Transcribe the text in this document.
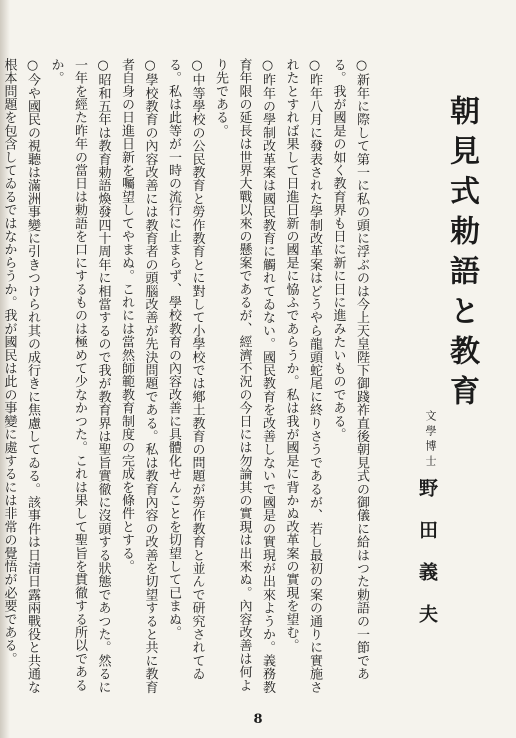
朝見式勅語と教育
文學博士
野田義夫

○新年に際して第一に私の頭に浮ぶのは今上天皇陛下御踐祚直後朝見式の御儀に給はつた勅語の一節である。我が國是の如く教育界も日に新に日に進みたいものである。

○昨年八月に發表された學制改革案はどうやら龍頭蛇尾に終りさうであるが、若し最初の案の通りに實施されたとすれば果して日進日新の國是に恊ふであらうか。私は我が國是に背かぬ改革案の實現を望む。

○昨年の學制改革案は國民教育に觸れてゐない。國民教育を改善しないで國是の實現が出來ようか。義務教育年限の延長は世界大戰以來の懸案であるが、經濟不況の今日には勿論其の實現は出來ぬ。內容改善は何より先である。

○中等學校の公民教育と勞作教育とに對して小學校では鄕土教育の問題が勞作教育と並んで研究されてゐる。私は此等が一時の流行に止まらず、學校教育の內容改善に具體化せんことを切望して已まぬ。

○學校教育の內容改善には教育者の頭腦改善が先決問題である。私は教育內容の改善を切望すると共に教育者自身の日進日新を囑望してやまぬ。これには當然師範教育制度の完成を條件とする。

○昭和五年は教育勅語煥發四十周年に相當するので我が教育界は聖旨實徹に沒頭する狀態であつた。然るに一年を經た昨年の當日は勅語を口にするものは極めて少なかつた。これは果して聖旨を貫徹する所以であるか。

○今や國民の視聽は滿洲事變に引きつけられ其の成行きに焦慮してゐる。該事件は日清日露兩戰役と共通な根本問題を包含してゐるではなからうか。我が國民は此の事變に處するには非常の覺悟が必要である。

8
